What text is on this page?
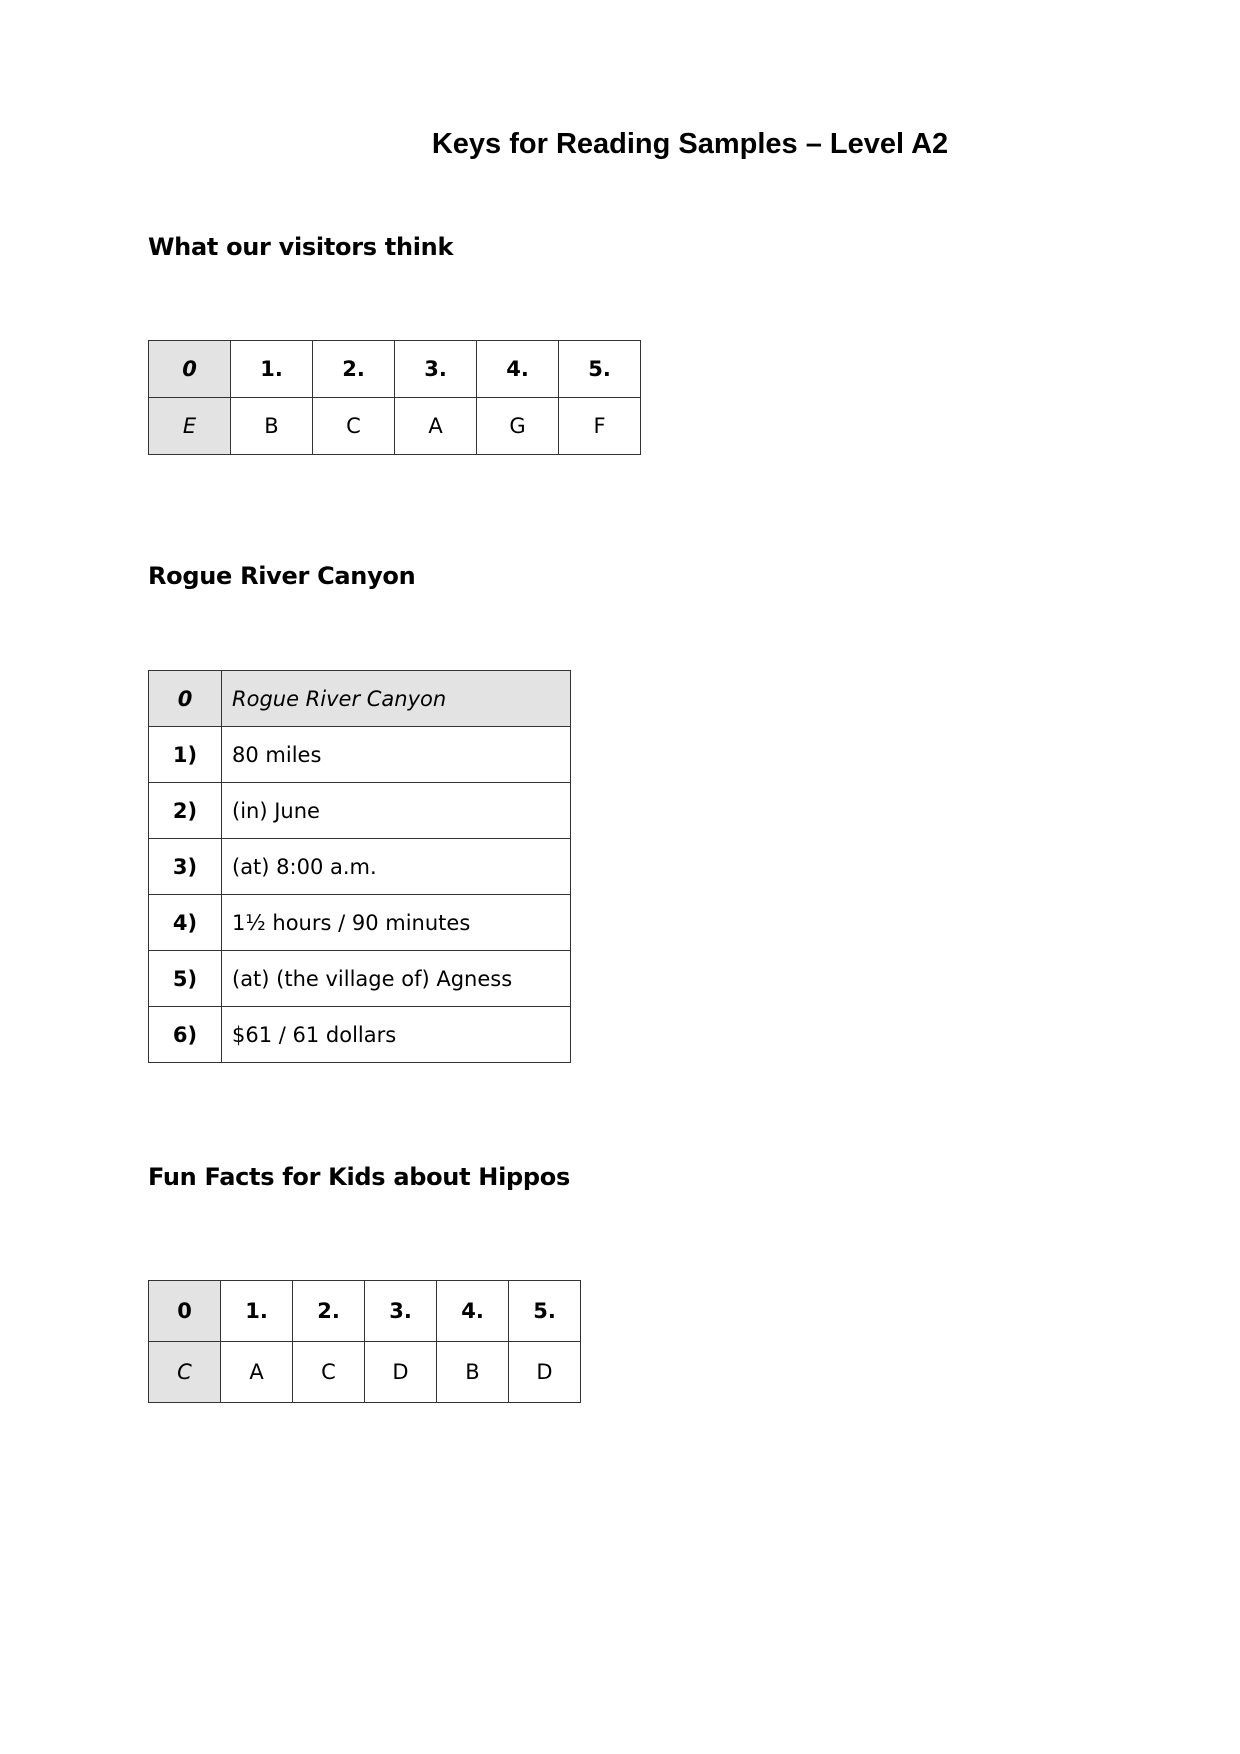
Keys for Reading Samples – Level A2
What our visitors think
0	1.	2.	3.	4.	5.
E	B	C	A	G	F
Rogue River Canyon
0	Rogue River Canyon
1)	80 miles
2)	(in) June
3)	(at) 8:00 a.m.
4)	1½ hours / 90 minutes
5)	(at) (the village of) Agness
6)	$61 / 61 dollars
Fun Facts for Kids about Hippos
0	1.	2.	3.	4.	5.
C	A	C	D	B	D
